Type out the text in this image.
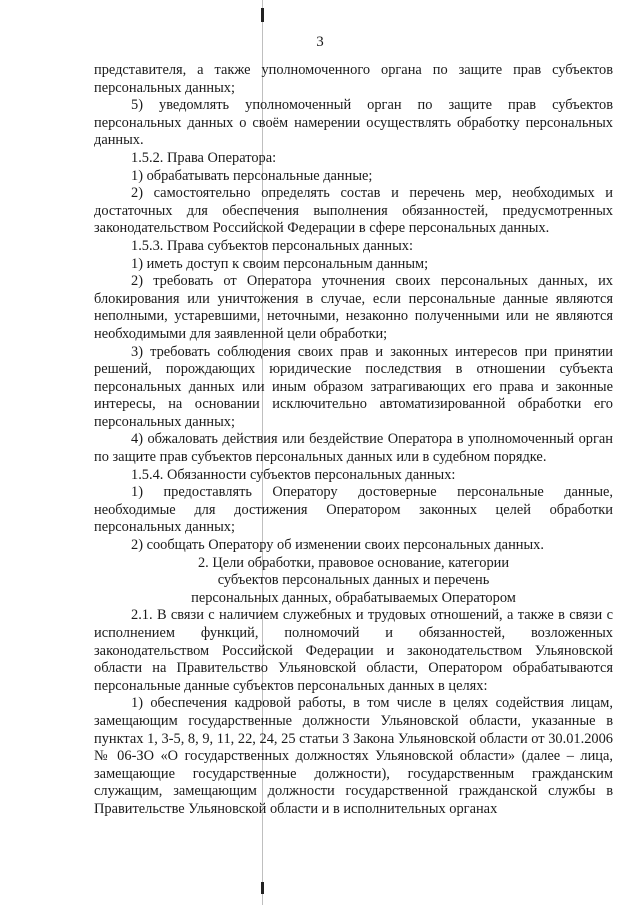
3

представителя, а также уполномоченного органа по защите прав субъектов персональных данных;

5) уведомлять уполномоченный орган по защите прав субъектов персональных данных о своём намерении осуществлять обработку персональных данных.

1.5.2. Права Оператора:

1) обрабатывать персональные данные;

2) самостоятельно определять состав и перечень мер, необходимых и достаточных для обеспечения выполнения обязанностей, предусмотренных законодательством Российской Федерации в сфере персональных данных.

1.5.3. Права субъектов персональных данных:

1) иметь доступ к своим персональным данным;

2) требовать от Оператора уточнения своих персональных данных, их блокирования или уничтожения в случае, если персональные данные являются неполными, устаревшими, неточными, незаконно полученными или не являются необходимыми для заявленной цели обработки;

3) требовать соблюдения своих прав и законных интересов при принятии решений, порождающих юридические последствия в отношении субъекта персональных данных или иным образом затрагивающих его права и законные интересы, на основании исключительно автоматизированной обработки его персональных данных;

4) обжаловать действия или бездействие Оператора в уполномоченный орган по защите прав субъектов персональных данных или в судебном порядке.

1.5.4. Обязанности субъектов персональных данных:

1) предоставлять Оператору достоверные персональные данные, необходимые для достижения Оператором законных целей обработки персональных данных;

2) сообщать Оператору об изменении своих персональных данных.

2. Цели обработки, правовое основание, категории

субъектов персональных данных и перечень

персональных данных, обрабатываемых Оператором

2.1. В связи с наличием служебных и трудовых отношений, а также в связи с исполнением функций, полномочий и обязанностей, возложенных законодательством Российской Федерации и законодательством Ульяновской области на Правительство Ульяновской области, Оператором обрабатываются персональные данные субъектов персональных данных в целях:

1) обеспечения кадровой работы, в том числе в целях содействия лицам, замещающим государственные должности Ульяновской области, указанные в пунктах 1, 3-5, 8, 9, 11, 22, 24, 25 статьи 3 Закона Ульяновской области от 30.01.2006 № 06-ЗО «О государственных должностях Ульяновской области» (далее – лица, замещающие государственные должности), государственным гражданским служащим, замещающим должности государственной гражданской службы в Правительстве Ульяновской области и в исполнительных органах
